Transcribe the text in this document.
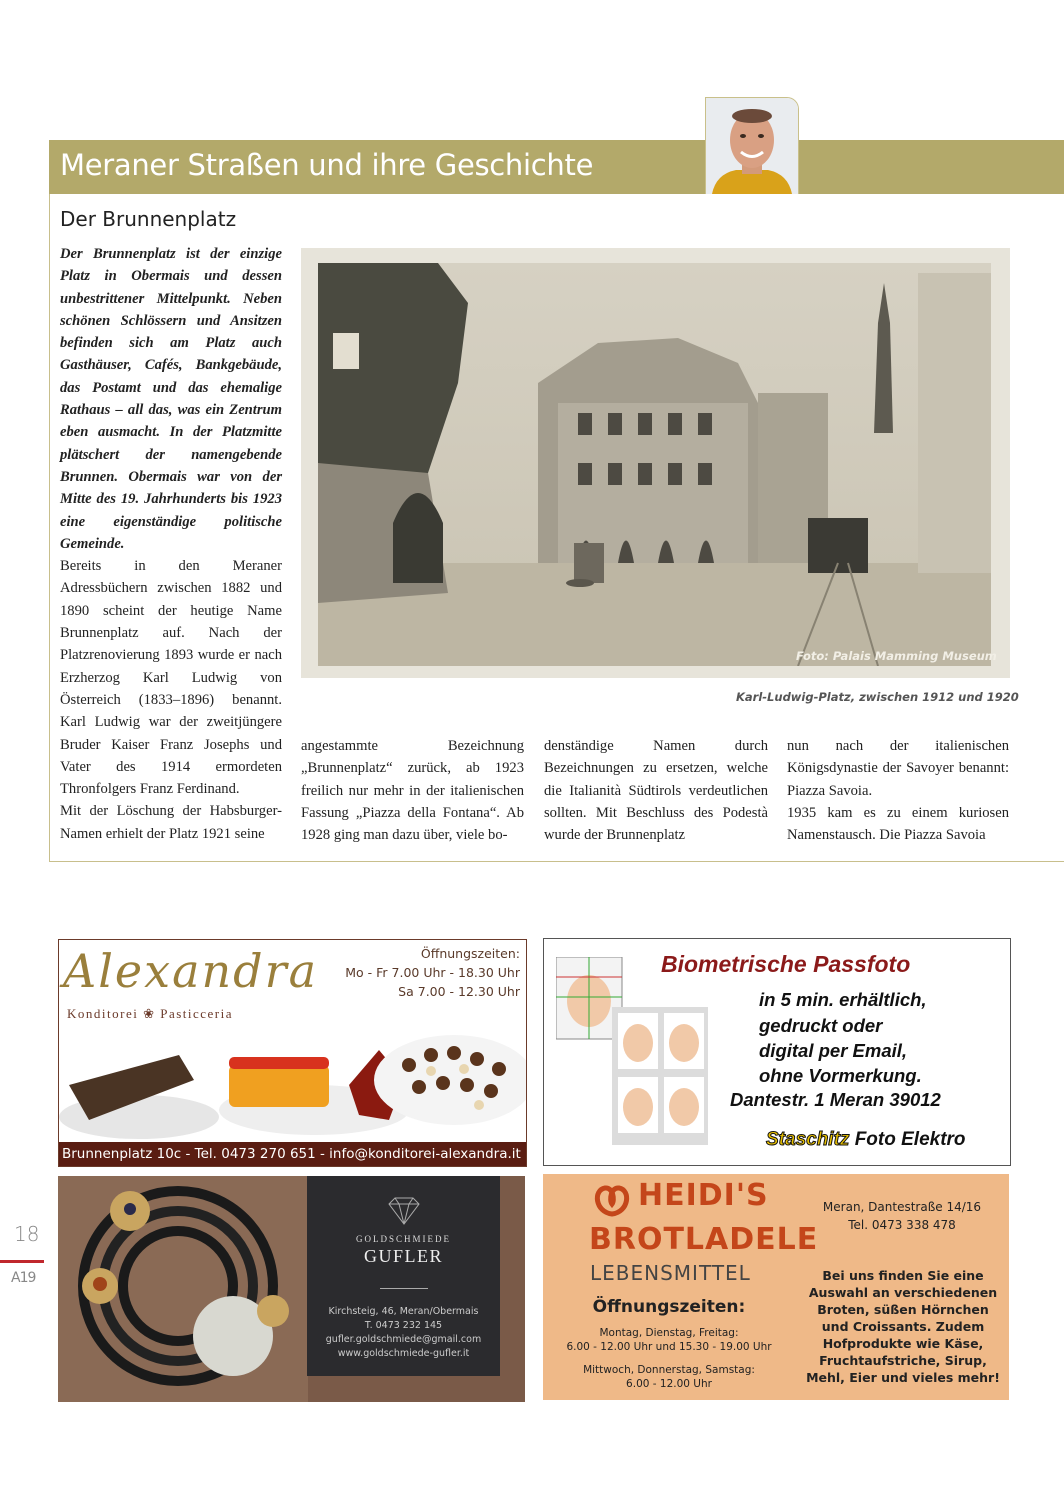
Meraner Straßen und ihre Geschichte
Der Brunnenplatz

Der Brunnenplatz ist der einzige Platz in Obermais und dessen unbestrittener Mittelpunkt. Neben schönen Schlössern und Ansitzen befinden sich am Platz auch Gasthäuser, Cafés, Bankgebäude, das Postamt und das ehemalige Rathaus – all das, was ein Zentrum eben ausmacht. In der Platzmitte plätschert der namengebende Brunnen. Obermais war von der Mitte des 19. Jahrhunderts bis 1923 eine eigenständige politische Gemeinde.

Bereits in den Meraner Adressbüchern zwischen 1882 und 1890 scheint der heutige Name Brunnenplatz auf. Nach der Platzrenovierung 1893 wurde er nach Erzherzog Karl Ludwig von Österreich (1833–1896) benannt. Karl Ludwig war der zweitjüngere Bruder Kaiser Franz Josephs und Vater des 1914 ermordeten Thronfolgers Franz Ferdinand.

Mit der Löschung der Habsburger-Namen erhielt der Platz 1921 seine

Foto: Palais Mamming Museum
Karl-Ludwig-Platz, zwischen 1912 und 1920

angestammte Bezeichnung „Brunnenplatz“ zurück, ab 1923 freilich nur mehr in der italienischen Fassung „Piazza della Fontana“. Ab 1928 ging man dazu über, viele bo-

denständige Namen durch Bezeichnungen zu ersetzen, welche die Italianità Südtirols verdeutlichen sollten. Mit Beschluss des Podestà wurde der Brunnenplatz

nun nach der italienischen Königsdynastie der Savoyer benannt: Piazza Savoia.

1935 kam es zu einem kuriosen Namenstausch. Die Piazza Savoia

18
A19
Alexandra
Konditorei ❀ Pasticceria
Öffnungszeiten:
Mo - Fr 7.00 Uhr - 18.30 Uhr
Sa 7.00 - 12.30 Uhr
Brunnenplatz 10c - Tel. 0473 270 651 - info@konditorei-alexandra.it
Biometrische Passfoto
in 5 min. erhältlich,
gedruckt oder
digital per Email,
ohne Vormerkung.
Dantestr. 1 Meran 39012
Staschitz Foto Elektro
GOLDSCHMIEDE
GUFLER
Kirchsteig, 46, Meran/Obermais
T. 0473 232 145
gufler.goldschmiede@gmail.com
www.goldschmiede-gufler.it
HEIDI'S
BROTLADELE
LEBENSMITTEL
Öffnungszeiten:
Montag, Dienstag, Freitag:
6.00 - 12.00 Uhr und 15.30 - 19.00 Uhr
Mittwoch, Donnerstag, Samstag:
6.00 - 12.00 Uhr
Meran, Dantestraße 14/16
Tel. 0473 338 478
Bei uns finden Sie eine Auswahl an verschiedenen Broten, süßen Hörnchen und Croissants. Zudem Hofprodukte wie Käse, Fruchtaufstriche, Sirup, Mehl, Eier und vieles mehr!
